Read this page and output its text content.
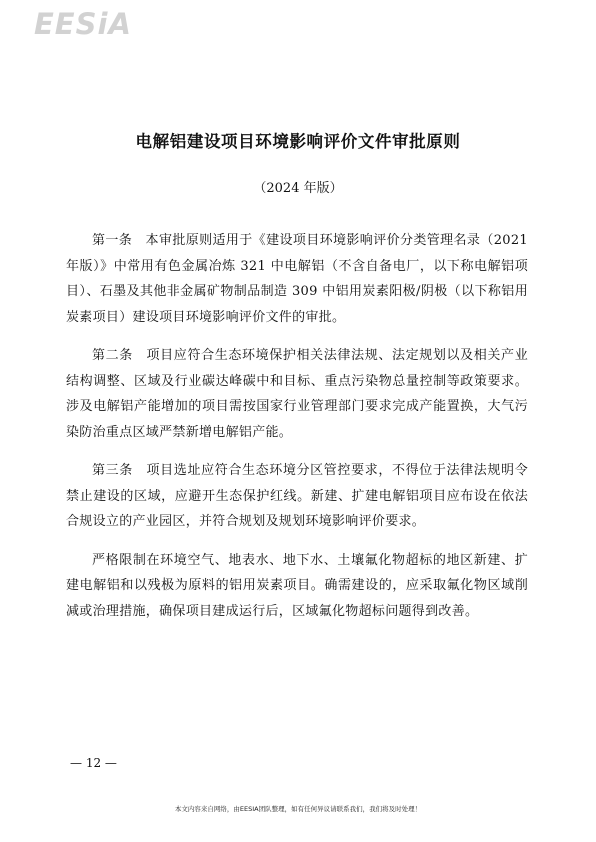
EESiA
电解铝建设项目环境影响评价文件审批原则
（2024 年版）

第一条　本审批原则适用于《建设项目环境影响评价分类管理名录（2021 年版）》中常用有色金属冶炼 321 中电解铝（不含自备电厂，以下称电解铝项目）、石墨及其他非金属矿物制品制造 309 中铝用炭素阳极/阴极（以下称铝用炭素项目）建设项目环境影响评价文件的审批。

第二条　项目应符合生态环境保护相关法律法规、法定规划以及相关产业结构调整、区域及行业碳达峰碳中和目标、重点污染物总量控制等政策要求。涉及电解铝产能增加的项目需按国家行业管理部门要求完成产能置换，大气污染防治重点区域严禁新增电解铝产能。

第三条　项目选址应符合生态环境分区管控要求，不得位于法律法规明令禁止建设的区域，应避开生态保护红线。新建、扩建电解铝项目应布设在依法合规设立的产业园区，并符合规划及规划环境影响评价要求。

严格限制在环境空气、地表水、地下水、土壤氟化物超标的地区新建、扩建电解铝和以残极为原料的铝用炭素项目。确需建设的，应采取氟化物区域削减或治理措施，确保项目建成运行后，区域氟化物超标问题得到改善。

— 12 —
本文内容来自网络，由EESIA团队整理，如有任何异议请联系我们，我们将及时处理！
